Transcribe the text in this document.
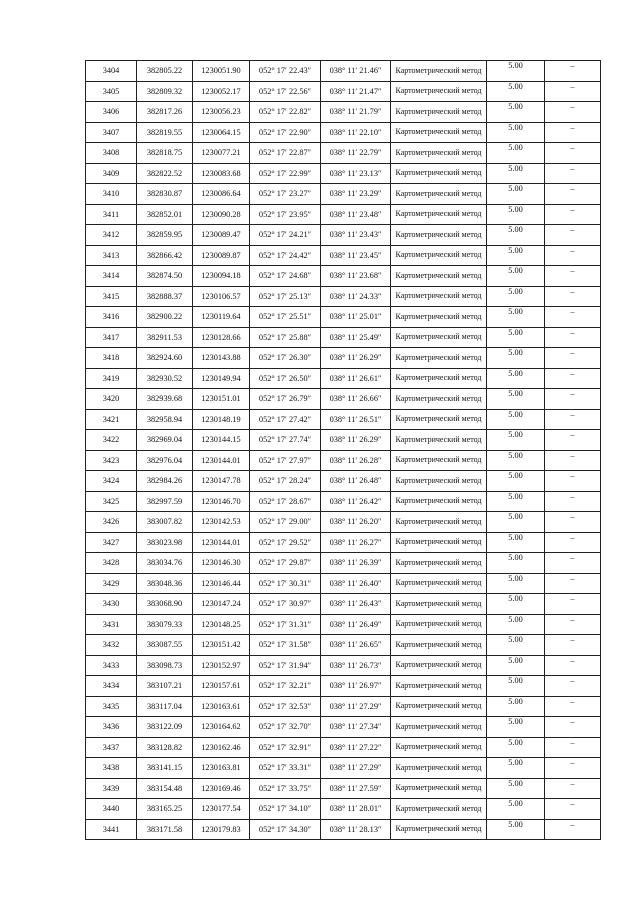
3404	382805.22	1230051.90	052° 17′ 22.43″	038° 11′ 21.46″	Картометрический метод	5.00	–
3405	382809.32	1230052.17	052° 17′ 22.56″	038° 11′ 21.47″	Картометрический метод	5.00	–
3406	382817.26	1230056.23	052° 17′ 22.82″	038° 11′ 21.79″	Картометрический метод	5.00	–
3407	382819.55	1230064.15	052° 17′ 22.90″	038° 11′ 22.10″	Картометрический метод	5.00	–
3408	382818.75	1230077.21	052° 17′ 22.87″	038° 11′ 22.79″	Картометрический метод	5.00	–
3409	382822.52	1230083.68	052° 17′ 22.99″	038° 11′ 23.13″	Картометрический метод	5.00	–
3410	382830.87	1230086.64	052° 17′ 23.27″	038° 11′ 23.29″	Картометрический метод	5.00	–
3411	382852.01	1230090.28	052° 17′ 23.95″	038° 11′ 23.48″	Картометрический метод	5.00	–
3412	382859.95	1230089.47	052° 17′ 24.21″	038° 11′ 23.43″	Картометрический метод	5.00	–
3413	382866.42	1230089.87	052° 17′ 24.42″	038° 11′ 23.45″	Картометрический метод	5.00	–
3414	382874.50	1230094.18	052° 17′ 24.68″	038° 11′ 23.68″	Картометрический метод	5.00	–
3415	382888.37	1230106.57	052° 17′ 25.13″	038° 11′ 24.33″	Картометрический метод	5.00	–
3416	382900.22	1230119.64	052° 17′ 25.51″	038° 11′ 25.01″	Картометрический метод	5.00	–
3417	382911.53	1230128.66	052° 17′ 25.88″	038° 11′ 25.49″	Картометрический метод	5.00	–
3418	382924.60	1230143.88	052° 17′ 26.30″	038° 11′ 26.29″	Картометрический метод	5.00	–
3419	382930.52	1230149.94	052° 17′ 26.50″	038° 11′ 26.61″	Картометрический метод	5.00	–
3420	382939.68	1230151.01	052° 17′ 26.79″	038° 11′ 26.66″	Картометрический метод	5.00	–
3421	382958.94	1230148.19	052° 17′ 27.42″	038° 11′ 26.51″	Картометрический метод	5.00	–
3422	382969.04	1230144.15	052° 17′ 27.74″	038° 11′ 26.29″	Картометрический метод	5.00	–
3423	382976.04	1230144.01	052° 17′ 27.97″	038° 11′ 26.28″	Картометрический метод	5.00	–
3424	382984.26	1230147.78	052° 17′ 28.24″	038° 11′ 26.48″	Картометрический метод	5.00	–
3425	382997.59	1230146.70	052° 17′ 28.67″	038° 11′ 26.42″	Картометрический метод	5.00	–
3426	383007.82	1230142.53	052° 17′ 29.00″	038° 11′ 26.20″	Картометрический метод	5.00	–
3427	383023.98	1230144.01	052° 17′ 29.52″	038° 11′ 26.27″	Картометрический метод	5.00	–
3428	383034.76	1230146.30	052° 17′ 29.87″	038° 11′ 26.39″	Картометрический метод	5.00	–
3429	383048.36	1230146.44	052° 17′ 30.31″	038° 11′ 26.40″	Картометрический метод	5.00	–
3430	383068.90	1230147.24	052° 17′ 30.97″	038° 11′ 26.43″	Картометрический метод	5.00	–
3431	383079.33	1230148.25	052° 17′ 31.31″	038° 11′ 26.49″	Картометрический метод	5.00	–
3432	383087.55	1230151.42	052° 17′ 31.58″	038° 11′ 26.65″	Картометрический метод	5.00	–
3433	383098.73	1230152.97	052° 17′ 31.94″	038° 11′ 26.73″	Картометрический метод	5.00	–
3434	383107.21	1230157.61	052° 17′ 32.21″	038° 11′ 26.97″	Картометрический метод	5.00	–
3435	383117.04	1230163.61	052° 17′ 32.53″	038° 11′ 27.29″	Картометрический метод	5.00	–
3436	383122.09	1230164.62	052° 17′ 32.70″	038° 11′ 27.34″	Картометрический метод	5.00	–
3437	383128.82	1230162.46	052° 17′ 32.91″	038° 11′ 27.22″	Картометрический метод	5.00	–
3438	383141.15	1230163.81	052° 17′ 33.31″	038° 11′ 27.29″	Картометрический метод	5.00	–
3439	383154.48	1230169.46	052° 17′ 33.75″	038° 11′ 27.59″	Картометрический метод	5.00	–
3440	383165.25	1230177.54	052° 17′ 34.10″	038° 11′ 28.01″	Картометрический метод	5.00	–
3441	383171.58	1230179.83	052° 17′ 34.30″	038° 11′ 28.13″	Картометрический метод	5.00	–
